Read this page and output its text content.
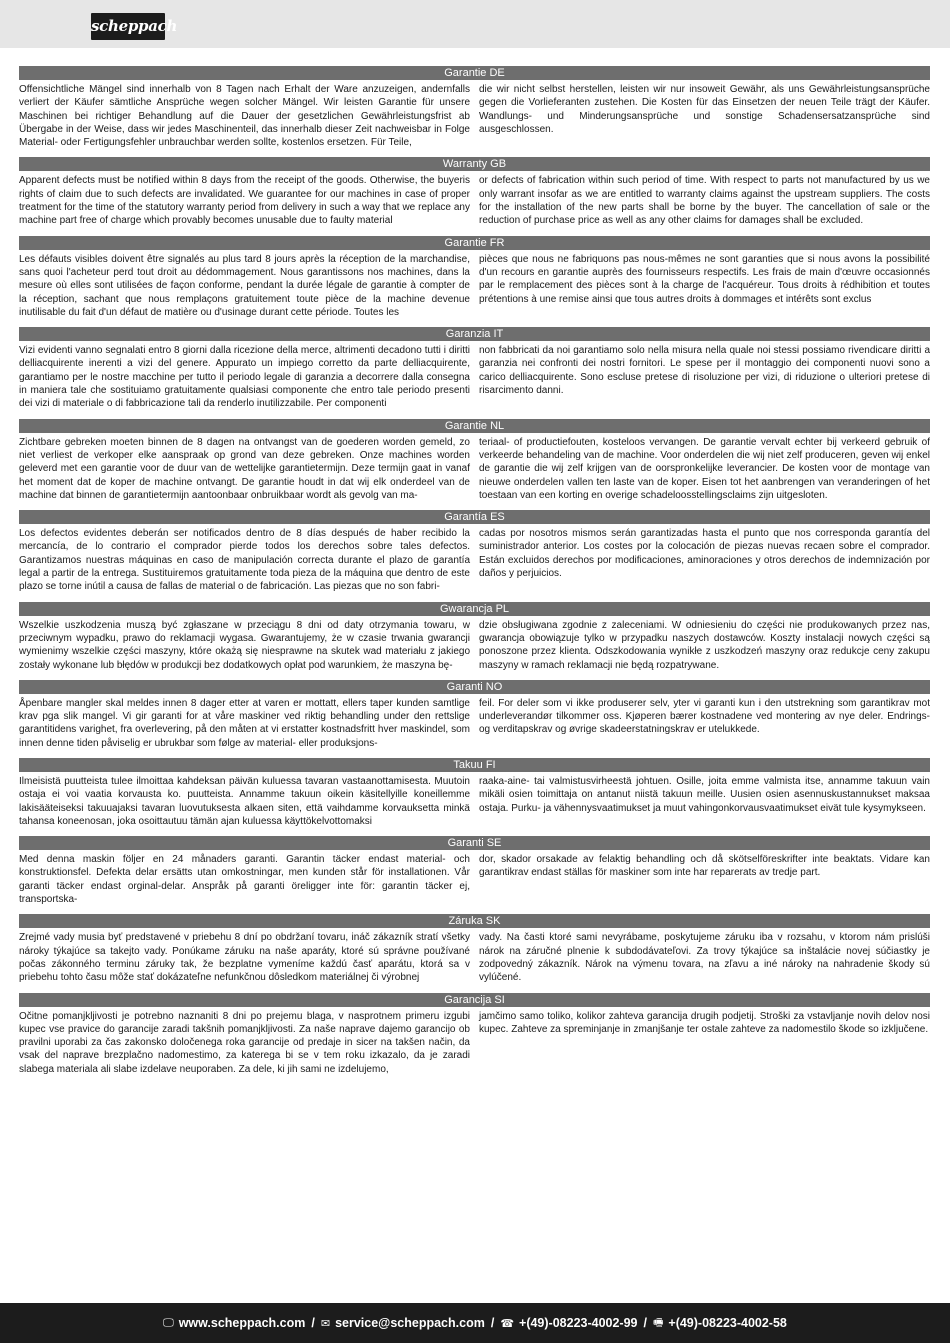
scheppach
Garantie DE

Offensichtliche Mängel sind innerhalb von 8 Tagen nach Erhalt der Ware anzuzeigen, andernfalls verliert der Käufer sämtliche Ansprüche wegen solcher Mängel. Wir leisten Garantie für unsere Maschinen bei richtiger Behandlung auf die Dauer der gesetzlichen Gewährleistungsfrist ab Übergabe in der Weise, dass wir jedes Maschinenteil, das innerhalb dieser Zeit nachweisbar in Folge Material- oder Fertigungsfehler unbrauchbar werden sollte, kostenlos ersetzen. Für Teile,

die wir nicht selbst herstellen, leisten wir nur insoweit Gewähr, als uns Gewährleistungsansprüche gegen die Vorlieferanten zustehen. Die Kosten für das Einsetzen der neuen Teile trägt der Käufer. Wandlungs- und Minderungsansprüche und sonstige Schadensersatzansprüche sind ausgeschlossen.

Warranty GB

Apparent defects must be notified within 8 days from the receipt of the goods. Otherwise, the buyeris rights of claim due to such defects are invalidated. We guarantee for our machines in case of proper treatment for the time of the statutory warranty period from delivery in such a way that we replace any machine part free of charge which provably becomes unusable due to faulty material

or defects of fabrication within such period of time. With respect to parts not manufactured by us we only warrant insofar as we are entitled to warranty claims against the upstream suppliers. The costs for the installation of the new parts shall be borne by the buyer. The cancellation of sale or the reduction of purchase price as well as any other claims for damages shall be excluded.

Garantie FR

Les défauts visibles doivent être signalés au plus tard 8 jours après la réception de la marchandise, sans quoi l'acheteur perd tout droit au dédommagement. Nous garantissons nos machines, dans la mesure où elles sont utilisées de façon conforme, pendant la durée légale de garantie à compter de la réception, sachant que nous remplaçons gratuitement toute pièce de la machine devenue inutilisable du fait d'un défaut de matière ou d'usinage durant cette période. Toutes les

pièces que nous ne fabriquons pas nous-mêmes ne sont garanties que si nous avons la possibilité d'un recours en garantie auprès des fournisseurs respectifs. Les frais de main d'œuvre occasionnés par le remplacement des pièces sont à la charge de l'acquéreur. Tous droits à rédhibition et toutes prétentions à une remise ainsi que tous autres droits à dommages et intérêts sont exclus

Garanzia IT

Vizi evidenti vanno segnalati entro 8 giorni dalla ricezione della merce, altrimenti decadono tutti i diritti delliacquirente inerenti a vizi del genere. Appurato un impiego corretto da parte delliacquirente, garantiamo per le nostre macchine per tutto il periodo legale di garanzia a decorrere dalla consegna in maniera tale che sostituiamo gratuitamente qualsiasi componente che entro tale periodo presenti dei vizi di materiale o di fabbricazione tali da renderlo inutilizzabile. Per componenti

non fabbricati da noi garantiamo solo nella misura nella quale noi stessi possiamo rivendicare diritti a garanzia nei confronti dei nostri fornitori. Le spese per il montaggio dei componenti nuovi sono a carico delliacquirente. Sono escluse pretese di risoluzione per vizi, di riduzione o ulteriori pretese di risarcimento danni.

Garantie NL

Zichtbare gebreken moeten binnen de 8 dagen na ontvangst van de goederen worden gemeld, zo niet verliest de verkoper elke aanspraak op grond van deze gebreken. Onze machines worden geleverd met een garantie voor de duur van de wettelijke garantietermijn. Deze termijn gaat in vanaf het moment dat de koper de machine ontvangt. De garantie houdt in dat wij elk onderdeel van de machine dat binnen de garantietermijn aantoonbaar onbruikbaar wordt als gevolg van ma-

teriaal- of productiefouten, kosteloos vervangen. De garantie vervalt echter bij verkeerd gebruik of verkeerde behandeling van de machine. Voor onderdelen die wij niet zelf produceren, geven wij enkel de garantie die wij zelf krijgen van de oorspronkelijke leverancier. De kosten voor de montage van nieuwe onderdelen vallen ten laste van de koper. Eisen tot het aanbrengen van veranderingen of het toestaan van een korting en overige schadeloosstellingsclaims zijn uitgesloten.

Garantía ES

Los defectos evidentes deberán ser notificados dentro de 8 días después de haber recibido la mercancía, de lo contrario el comprador pierde todos los derechos sobre tales defectos. Garantizamos nuestras máquinas en caso de manipulación correcta durante el plazo de garantía legal a partir de la entrega. Sustituiremos gratuitamente toda pieza de la máquina que dentro de este plazo se torne inútil a causa de fallas de material o de fabricación. Las piezas que no son fabri-

cadas por nosotros mismos serán garantizadas hasta el punto que nos corresponda garantía del suministrador anterior. Los costes por la colocación de piezas nuevas recaen sobre el comprador. Están excluidos derechos por modificaciones, aminoraciones y otros derechos de indemnización por daños y perjuicios.

Gwarancja PL

Wszelkie uszkodzenia muszą być zgłaszane w przeciągu 8 dni od daty otrzymania towaru, w przeciwnym wypadku, prawo do reklamacji wygasa. Gwarantujemy, że w czasie trwania gwarancji wymienimy wszelkie części maszyny, które okażą się niesprawne na skutek wad materiału z jakiego zostały wykonane lub błędów w produkcji bez dodatkowych opłat pod warunkiem, że maszyna bę-

dzie obsługiwana zgodnie z zaleceniami. W odniesieniu do części nie produkowanych przez nas, gwarancja obowiązuje tylko w przypadku naszych dostawców. Koszty instalacji nowych części są ponoszone przez klienta. Odszkodowania wynikłe z uszkodzeń maszyny oraz redukcje ceny zakupu maszyny w ramach reklamacji nie będą rozpatrywane.

Garanti NO

Åpenbare mangler skal meldes innen 8 dager etter at varen er mottatt, ellers taper kunden samtlige krav pga slik mangel. Vi gir garanti for at våre maskiner ved riktig behandling under den rettslige garantitidens varighet, fra overlevering, på den måten at vi erstatter kostnadsfritt hver maskindel, som innen denne tiden påviselig er ubrukbar som følge av material- eller produksjons-

feil. For deler som vi ikke produserer selv, yter vi garanti kun i den utstrekning som garantikrav mot underleverandør tilkommer oss. Kjøperen bærer kostnadene ved montering av nye deler. Endrings- og verditapskrav og øvrige skadeerstatningskrav er utelukkede.

Takuu FI

Ilmeisistä puutteista tulee ilmoittaa kahdeksan päivän kuluessa tavaran vastaanottamisesta. Muutoin ostaja ei voi vaatia korvausta ko. puutteista. Annamme takuun oikein käsitellyille koneillemme lakisääteiseksi takuuajaksi tavaran luovutuksesta alkaen siten, että vaihdamme korvauksetta minkä tahansa koneenosan, joka osoittautuu tämän ajan kuluessa käyttökelvottomaksi

raaka-aine- tai valmistusvirheestä johtuen. Osille, joita emme valmista itse, annamme takuun vain mikäli osien toimittaja on antanut niistä takuun meille. Uusien osien asennuskustannukset maksaa ostaja. Purku- ja vähennysvaatimukset ja muut vahingonkorvausvaatimukset eivät tule kysymykseen.

Garanti SE

Med denna maskin följer en 24 månaders garanti. Garantin täcker endast material- och konstruktionsfel. Defekta delar ersätts utan omkostningar, men kunden står för installationen. Vår garanti täcker endast orginal-delar. Anspråk på garanti öreligger inte för: garantin täcker ej, transportska-

dor, skador orsakade av felaktig behandling och då skötselföreskrifter inte beaktats. Vidare kan garantikrav endast ställas för maskiner som inte har reparerats av tredje part.

Záruka SK

Zrejmé vady musia byť predstavené v priebehu 8 dní po obdržaní tovaru, ináč zákazník stratí všetky nároky týkajúce sa takejto vady. Ponúkame záruku na naše aparáty, ktoré sú správne používané počas zákonného terminu záruky tak, že bezplatne vymeníme každú časť aparátu, ktorá sa v priebehu tohto času môže stať dokázateľne nefunkčnou dôsledkom materiálnej či výrobnej

vady. Na časti ktoré sami nevyrábame, poskytujeme záruku iba v rozsahu, v ktorom nám prislúši nárok na záručné plnenie k subdodávateľovi. Za trovy týkajúce sa inštalácie novej súčiastky je zodpovedný zákazník. Nárok na výmenu tovara, na zľavu a iné nároky na nahradenie škody sú vylúčené.

Garancija SI

Očitne pomanjkljivosti je potrebno naznaniti 8 dni po prejemu blaga, v nasprotnem primeru izgubi kupec vse pravice do garancije zaradi takšnih pomanjkljivosti. Za naše naprave dajemo garancijo ob pravilni uporabi za čas zakonsko določenega roka garancije od predaje in sicer na takšen način, da vsak del naprave brezplačno nadomestimo, za katerega bi se v tem roku izkazalo, da je zaradi slabega materiala ali slabe izdelave neuporaben. Za dele, ki jih sami ne izdelujemo,

jamčimo samo toliko, kolikor zahteva garancija drugih podjetij. Stroški za vstavljanje novih delov nosi kupec. Zahteve za spreminjanje in zmanjšanje ter ostale zahteve za nadomestilo škode so izključene.

🖵 www.scheppach.com / ✉ service@scheppach.com / ☎ +(49)-08223-4002-99 / 🖷 +(49)-08223-4002-58
